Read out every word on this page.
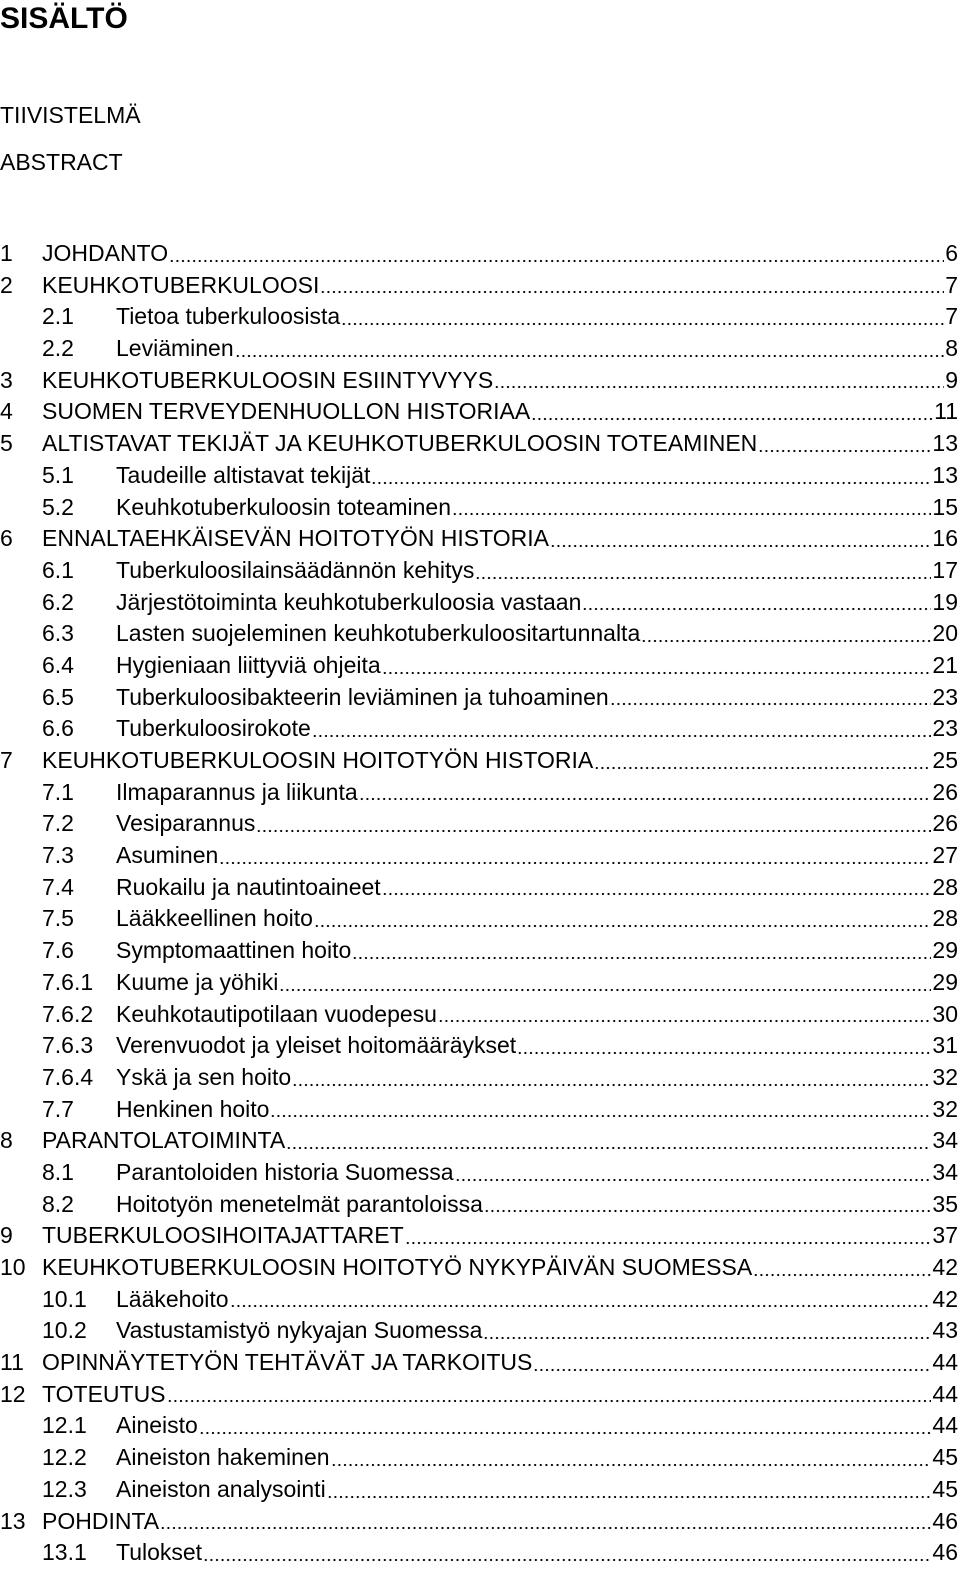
SISÄLTÖ
TIIVISTELMÄ
ABSTRACT
1	JOHDANTO	6
2	KEUHKOTUBERKULOOSI	7
2.1	Tietoa tuberkuloosista	7
2.2	Leviäminen	8
3	KEUHKOTUBERKULOOSIN ESIINTYVYYS	9
4	SUOMEN TERVEYDENHUOLLON HISTORIAA	11
5	ALTISTAVAT TEKIJÄT JA KEUHKOTUBERKULOOSIN TOTEAMINEN	13
5.1	Taudeille altistavat tekijät	13
5.2	Keuhkotuberkuloosin toteaminen	15
6	ENNALTAEHKÄISEVÄN HOITOTYÖN HISTORIA	16
6.1	Tuberkuloosilainsäädännön kehitys	17
6.2	Järjestötoiminta keuhkotuberkuloosia vastaan	19
6.3	Lasten suojeleminen keuhkotuberkuloositartunnalta	20
6.4	Hygieniaan liittyviä ohjeita	21
6.5	Tuberkuloosibakteerin leviäminen ja tuhoaminen	23
6.6	Tuberkuloosirokote	23
7	KEUHKOTUBERKULOOSIN HOITOTYÖN HISTORIA	25
7.1	Ilmaparannus ja liikunta	26
7.2	Vesiparannus	26
7.3	Asuminen	27
7.4	Ruokailu ja nautintoaineet	28
7.5	Lääkkeellinen hoito	28
7.6	Symptomaattinen hoito	29
7.6.1 Kuume ja yöhiki	29
7.6.2 Keuhkotautipotilaan vuodepesu	30
7.6.3 Verenvuodot ja yleiset hoitomääräykset	31
7.6.4 Yskä ja sen hoito	32
7.7	Henkinen hoito	32
8	PARANTOLATOIMINTA	34
8.1	Parantoloiden historia Suomessa	34
8.2	Hoitotyön menetelmät parantoloissa	35
9	TUBERKULOOSIHOITAJATTARET	37
10 KEUHKOTUBERKULOOSIN HOITOTYÖ NYKYPÄIVÄN SUOMESSA	42
10.1	Lääkehoito	42
10.2	Vastustamistyö nykyajan Suomessa	43
11 OPINNÄYTETYÖN TEHTÄVÄT JA TARKOITUS	44
12 TOTEUTUS	44
12.1	Aineisto	44
12.2	Aineiston hakeminen	45
12.3	Aineiston analysointi	45
13 POHDINTA	46
13.1	Tulokset	46
